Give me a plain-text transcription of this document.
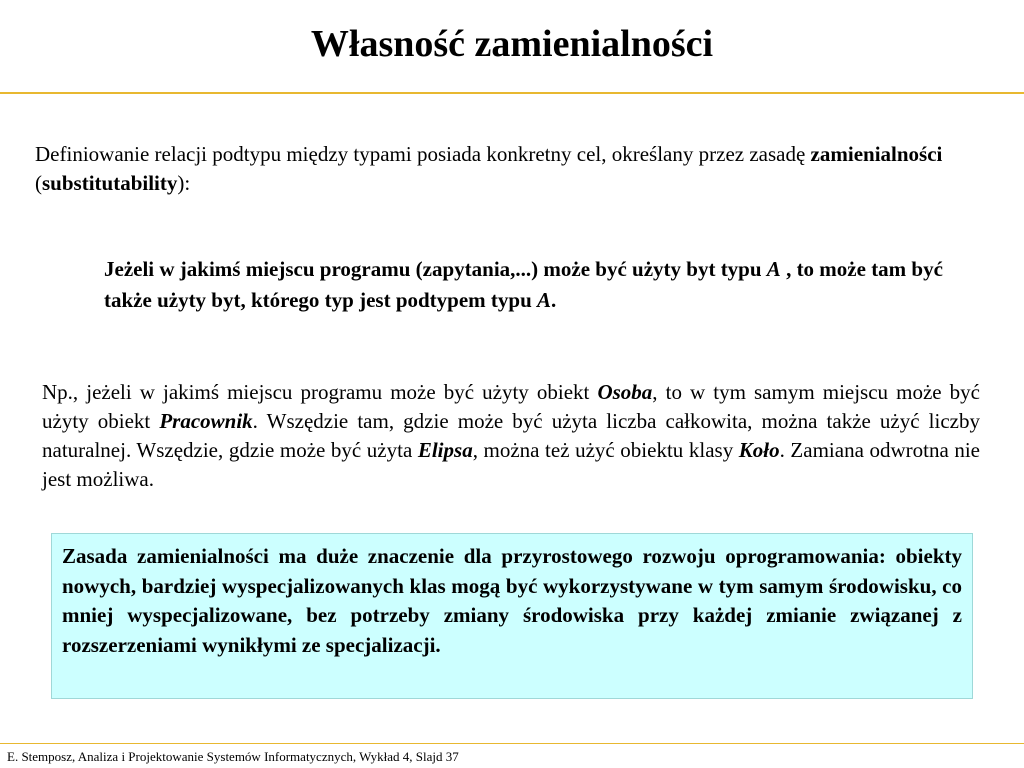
Własność zamienialności
Definiowanie relacji podtypu między typami posiada konkretny cel, określany przez zasadę zamienialności (substitutability):
Jeżeli w jakimś miejscu programu (zapytania,...) może być użyty byt typu A , to może tam być także użyty byt, którego typ jest podtypem typu A.
Np., jeżeli w jakimś miejscu programu może być użyty obiekt Osoba, to w tym samym miejscu może być użyty obiekt Pracownik. Wszędzie tam, gdzie może być użyta liczba całkowita, można także użyć liczby naturalnej. Wszędzie, gdzie może być użyta Elipsa, można też użyć obiektu klasy Koło. Zamiana odwrotna nie jest możliwa.
Zasada zamienialności ma duże znaczenie dla przyrostowego rozwoju oprogramowania: obiekty nowych, bardziej wyspecjalizowanych klas mogą być wykorzystywane w tym samym środowisku, co mniej wyspecjalizowane, bez potrzeby zmiany środowiska przy każdej zmianie związanej z rozszerzeniami wynikłymi ze specjalizacji.
E. Stemposz, Analiza i Projektowanie Systemów Informatycznych, Wykład 4, Slajd 37
